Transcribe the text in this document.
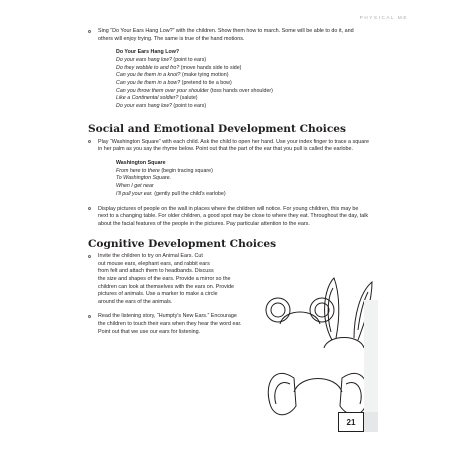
PHYSICAL ME
Sing “Do Your Ears Hang Low?” with the children. Show them how to march. Some will be able to do it, and others will enjoy trying. The same is true of the hand motions.
Do Your Ears Hang Low?
Do your ears hang low? (point to ears)
Do they wobble to and fro? (move hands side to side)
Can you tie them in a knot? (make tying motion)
Can you tie them in a bow? (pretend to tie a bow)
Can you throw them over your shoulder (toss hands over shoulder)
Like a Continental soldier? (salute)
Do your ears hang low? (point to ears)
Social and Emotional Development Choices
Play “Washington Square” with each child. Ask the child to open her hand. Use your index finger to trace a square in her palm as you say the rhyme below. Point out that the part of the ear that you pull is called the earlobe.
Washington Square
From here to there (begin tracing square)
To Washington Square.
When I get near
I'll pull your ear. (gently pull the child's earlobe)
Display pictures of people on the wall in places where the children will notice. For young children, this may be next to a changing table. For older children, a good spot may be close to where they eat. Throughout the day, talk about the facial features of the people in the pictures. Pay particular attention to the ears.
Cognitive Development Choices
Invite the children to try on Animal Ears. Cut
out mouse ears, elephant ears, and rabbit ears
from felt and attach them to headbands. Discuss
the size and shapes of the ears. Provide a mirror so the
children can look at themselves with the ears on. Provide
pictures of animals. Use a marker to make a circle
around the ears of the animals.
Read the listening story, “Humpty’s New Ears.” Encourage
the children to touch their ears when they hear the word ear.
Point out that we use our ears for listening.
21
